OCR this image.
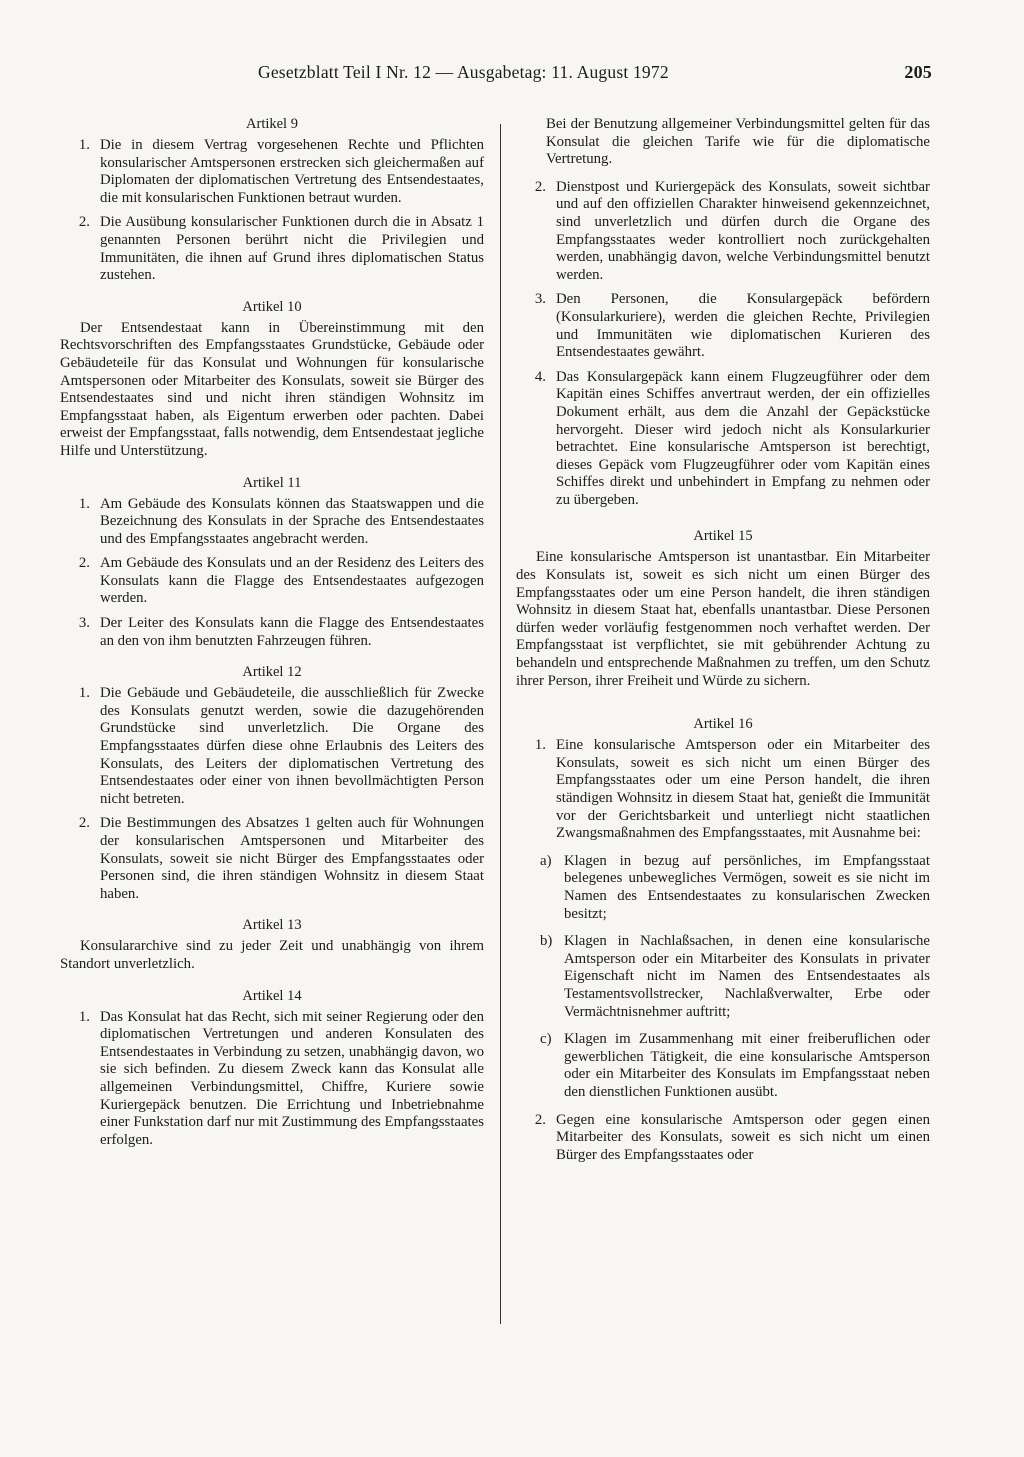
Gesetzblatt Teil I Nr. 12 — Ausgabetag: 11. August 1972	205
Artikel 9
1. Die in diesem Vertrag vorgesehenen Rechte und Pflichten konsularischer Amtspersonen erstrecken sich gleichermaßen auf Diplomaten der diplomatischen Vertretung des Entsendestaates, die mit konsularischen Funktionen betraut wurden.
2. Die Ausübung konsularischer Funktionen durch die in Absatz 1 genannten Personen berührt nicht die Privilegien und Immunitäten, die ihnen auf Grund ihres diplomatischen Status zustehen.
Artikel 10
Der Entsendestaat kann in Übereinstimmung mit den Rechtsvorschriften des Empfangsstaates Grundstücke, Gebäude oder Gebäudeteile für das Konsulat und Wohnungen für konsularische Amtspersonen oder Mitarbeiter des Konsulats, soweit sie Bürger des Entsendestaates sind und nicht ihren ständigen Wohnsitz im Empfangsstaat haben, als Eigentum erwerben oder pachten. Dabei erweist der Empfangsstaat, falls notwendig, dem Entsendestaat jegliche Hilfe und Unterstützung.
Artikel 11
1. Am Gebäude des Konsulats können das Staatswappen und die Bezeichnung des Konsulats in der Sprache des Entsendestaates und des Empfangsstaates angebracht werden.
2. Am Gebäude des Konsulats und an der Residenz des Leiters des Konsulats kann die Flagge des Entsendestaates aufgezogen werden.
3. Der Leiter des Konsulats kann die Flagge des Entsendestaates an den von ihm benutzten Fahrzeugen führen.
Artikel 12
1. Die Gebäude und Gebäudeteile, die ausschließlich für Zwecke des Konsulats genutzt werden, sowie die dazugehörenden Grundstücke sind unverletzlich. Die Organe des Empfangsstaates dürfen diese ohne Erlaubnis des Leiters des Konsulats, des Leiters der diplomatischen Vertretung des Entsendestaates oder einer von ihnen bevollmächtigten Person nicht betreten.
2. Die Bestimmungen des Absatzes 1 gelten auch für Wohnungen der konsularischen Amtspersonen und Mitarbeiter des Konsulats, soweit sie nicht Bürger des Empfangsstaates oder Personen sind, die ihren ständigen Wohnsitz in diesem Staat haben.
Artikel 13
Konsulararchive sind zu jeder Zeit und unabhängig von ihrem Standort unverletzlich.
Artikel 14
1. Das Konsulat hat das Recht, sich mit seiner Regierung oder den diplomatischen Vertretungen und anderen Konsulaten des Entsendestaates in Verbindung zu setzen, unabhängig davon, wo sie sich befinden. Zu diesem Zweck kann das Konsulat alle allgemeinen Verbindungsmittel, Chiffre, Kuriere sowie Kuriergepäck benutzen. Die Errichtung und Inbetriebnahme einer Funkstation darf nur mit Zustimmung des Empfangsstaates erfolgen.
Bei der Benutzung allgemeiner Verbindungsmittel gelten für das Konsulat die gleichen Tarife wie für die diplomatische Vertretung.
2. Dienstpost und Kuriergepäck des Konsulats, soweit sichtbar und auf den offiziellen Charakter hinweisend gekennzeichnet, sind unverletzlich und dürfen durch die Organe des Empfangsstaates weder kontrolliert noch zurückgehalten werden, unabhängig davon, welche Verbindungsmittel benutzt werden.
3. Den Personen, die Konsulargepäck befördern (Konsularkuriere), werden die gleichen Rechte, Privilegien und Immunitäten wie diplomatischen Kurieren des Entsendestaates gewährt.
4. Das Konsulargepäck kann einem Flugzeugführer oder dem Kapitän eines Schiffes anvertraut werden, der ein offizielles Dokument erhält, aus dem die Anzahl der Gepäckstücke hervorgeht. Dieser wird jedoch nicht als Konsularkurier betrachtet. Eine konsularische Amtsperson ist berechtigt, dieses Gepäck vom Flugzeugführer oder vom Kapitän eines Schiffes direkt und unbehindert in Empfang zu nehmen oder zu übergeben.
Artikel 15
Eine konsularische Amtsperson ist unantastbar. Ein Mitarbeiter des Konsulats ist, soweit es sich nicht um einen Bürger des Empfangsstaates oder um eine Person handelt, die ihren ständigen Wohnsitz in diesem Staat hat, ebenfalls unantastbar. Diese Personen dürfen weder vorläufig festgenommen noch verhaftet werden. Der Empfangsstaat ist verpflichtet, sie mit gebührender Achtung zu behandeln und entsprechende Maßnahmen zu treffen, um den Schutz ihrer Person, ihrer Freiheit und Würde zu sichern.
Artikel 16
1. Eine konsularische Amtsperson oder ein Mitarbeiter des Konsulats, soweit es sich nicht um einen Bürger des Empfangsstaates oder um eine Person handelt, die ihren ständigen Wohnsitz in diesem Staat hat, genießt die Immunität vor der Gerichtsbarkeit und unterliegt nicht staatlichen Zwangsmaßnahmen des Empfangsstaates, mit Ausnahme bei:
a) Klagen in bezug auf persönliches, im Empfangsstaat belegenes unbewegliches Vermögen, soweit es sie nicht im Namen des Entsendestaates zu konsularischen Zwecken besitzt;
b) Klagen in Nachlaßsachen, in denen eine konsularische Amtsperson oder ein Mitarbeiter des Konsulats in privater Eigenschaft nicht im Namen des Entsendestaates als Testamentsvollstrecker, Nachlaßverwalter, Erbe oder Vermächtnisnehmer auftritt;
c) Klagen im Zusammenhang mit einer freiberuflichen oder gewerblichen Tätigkeit, die eine konsularische Amtsperson oder ein Mitarbeiter des Konsulats im Empfangsstaat neben den dienstlichen Funktionen ausübt.
2. Gegen eine konsularische Amtsperson oder gegen einen Mitarbeiter des Konsulats, soweit es sich nicht um einen Bürger des Empfangsstaates oder
